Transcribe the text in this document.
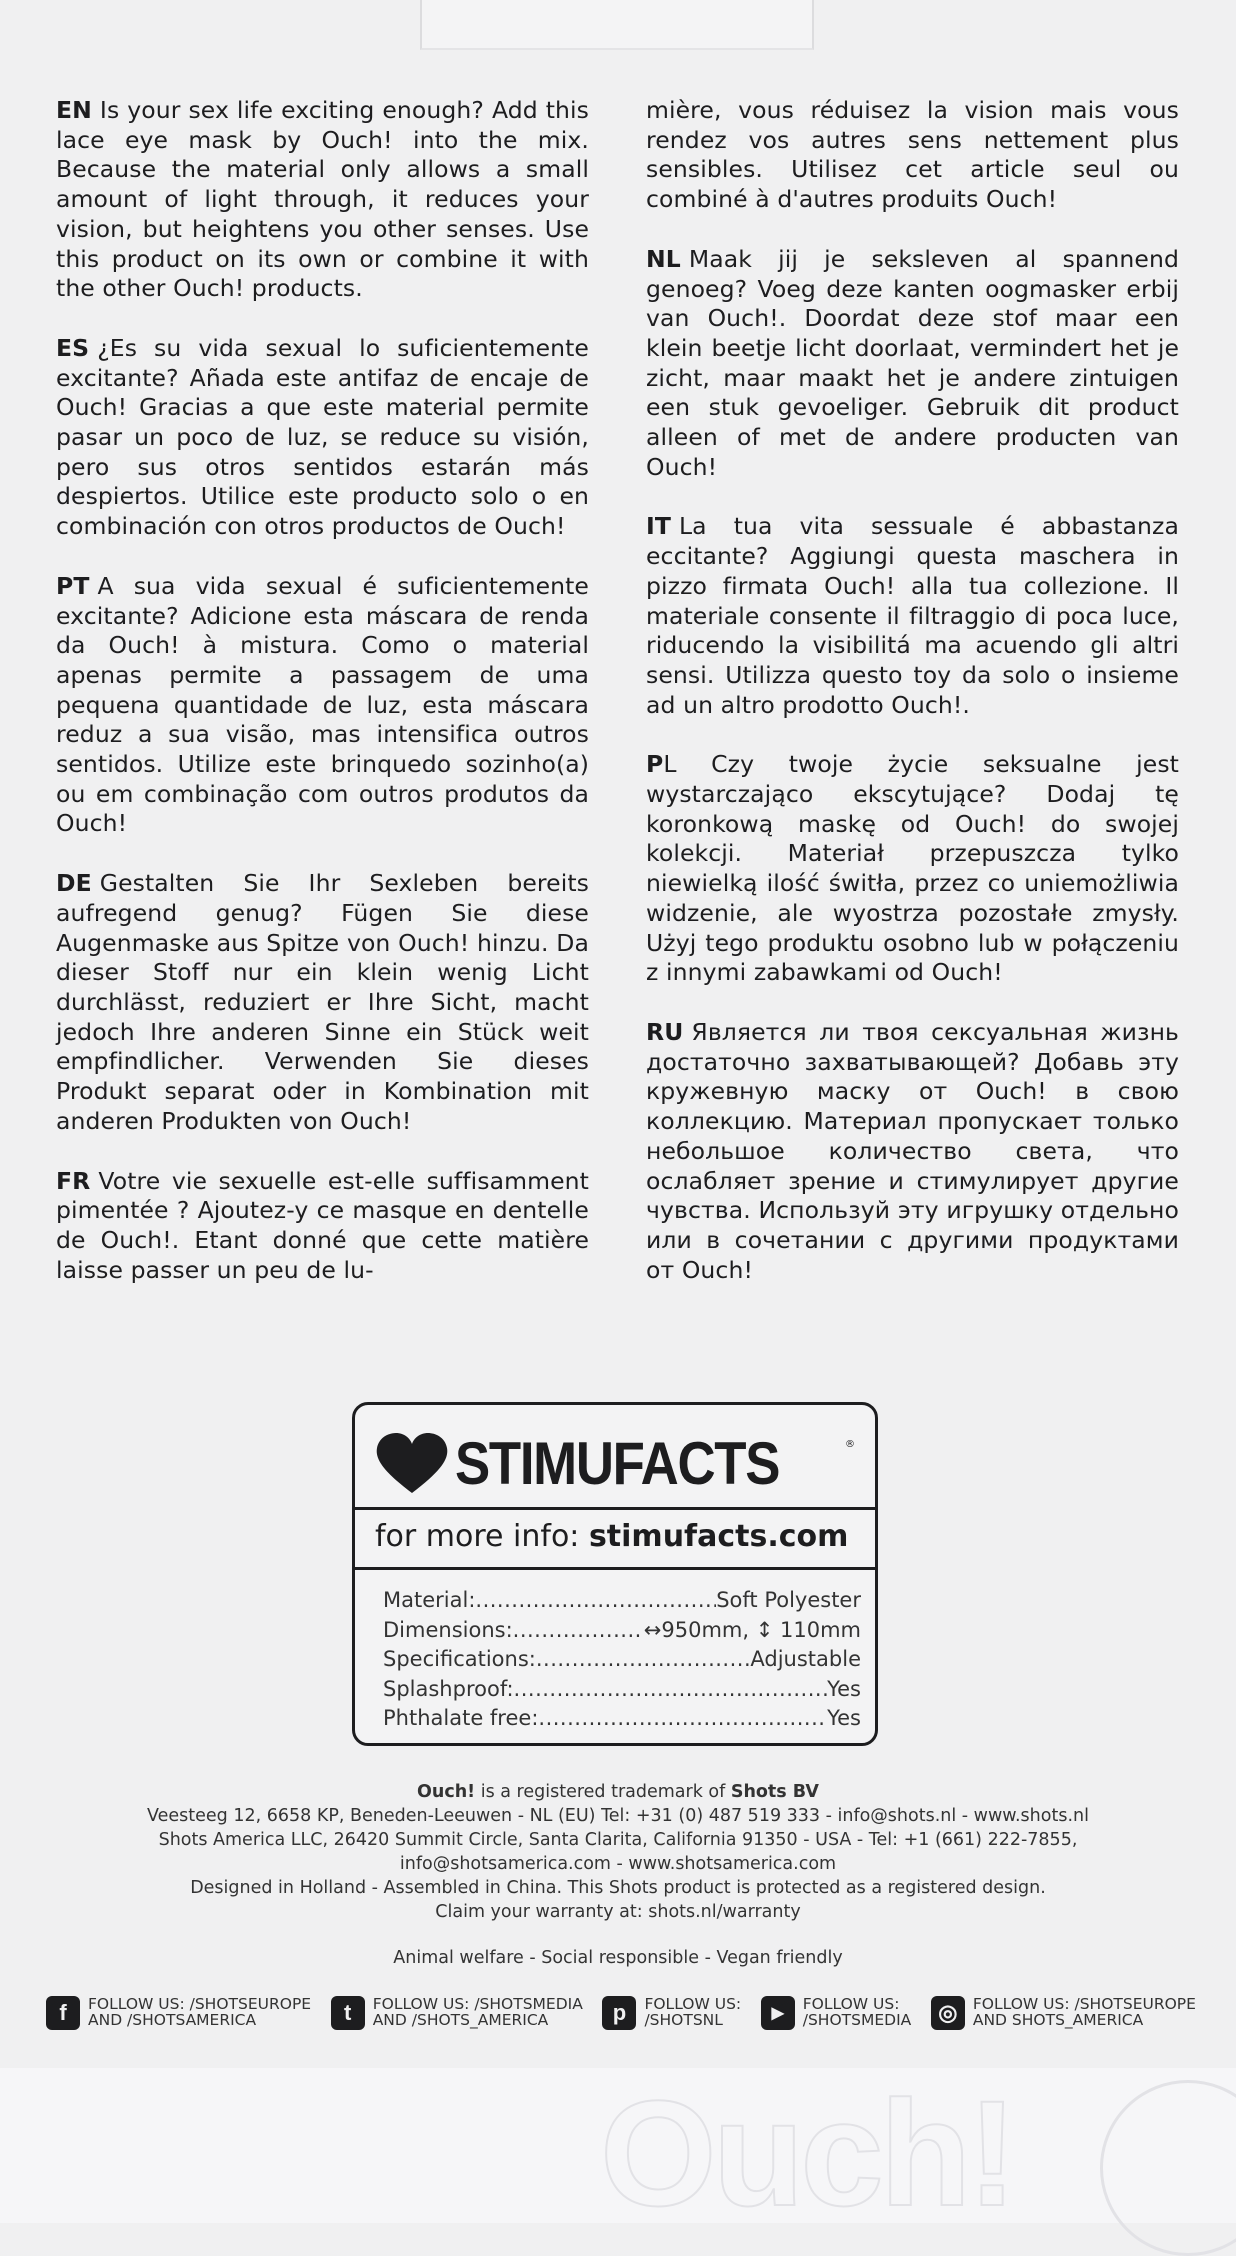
EN Is your sex life exciting enough? Add this lace eye mask by Ouch! into the mix. Because the material only allows a small amount of light through, it reduces your vision, but heightens you other senses. Use this product on its own or combine it with the other Ouch! products.

ES ¿Es su vida sexual lo suficientemente excitante? Añada este antifaz de encaje de Ouch! Gracias a que este material permite pasar un poco de luz, se reduce su visión, pero sus otros sentidos estarán más despiertos. Utilice este producto solo o en combinación con otros productos de Ouch!

PT A sua vida sexual é suficientemente excitante? Adicione esta máscara de renda da Ouch! à mistura. Como o material apenas permite a passagem de uma pequena quantidade de luz, esta máscara reduz a sua visão, mas intensifica outros sentidos. Utilize este brinquedo sozinho(a) ou em combinação com outros produtos da Ouch!

DE Gestalten Sie Ihr Sexleben bereits aufregend genug? Fügen Sie diese Augenmaske aus Spitze von Ouch! hinzu. Da dieser Stoff nur ein klein wenig Licht durchlässt, reduziert er Ihre Sicht, macht jedoch Ihre anderen Sinne ein Stück weit empfindlicher. Verwenden Sie dieses Produkt separat oder in Kombination mit anderen Produkten von Ouch!

FR Votre vie sexuelle est-elle suffisamment pimentée ? Ajoutez-y ce masque en dentelle de Ouch!. Etant donné que cette matière laisse passer un peu de lu-

mière, vous réduisez la vision mais vous rendez vos autres sens nettement plus sensibles. Utilisez cet article seul ou combiné à d'autres produits Ouch!

NL Maak jij je seksleven al spannend genoeg? Voeg deze kanten oogmasker erbij van Ouch!. Doordat deze stof maar een klein beetje licht doorlaat, vermindert het je zicht, maar maakt het je andere zintuigen een stuk gevoeliger. Gebruik dit product alleen of met de andere producten van Ouch!

IT La tua vita sessuale é abbastanza eccitante? Aggiungi questa maschera in pizzo firmata Ouch! alla tua collezione. Il materiale consente il filtraggio di poca luce, riducendo la visibilitá ma acuendo gli altri sensi. Utilizza questo toy da solo o insieme ad un altro prodotto Ouch!.

PL Czy twoje życie seksualne jest wystarczająco ekscytujące? Dodaj tę koronkową maskę od Ouch! do swojej kolekcji. Materiał przepuszcza tylko niewielką ilość świtła, przez co uniemożliwia widzenie, ale wyostrza pozostałe zmysły. Użyj tego produktu osobno lub w połączeniu z innymi zabawkami od Ouch!

RU Является ли твоя сексуальная жизнь достаточно захватывающей? Добавь эту кружевную маску от Ouch! в свою коллекцию. Материал пропускает только небольшое количество света, что ослабляет зрение и стимулирует другие чувства. Используй эту игрушку отдельно или в сочетании с другими продуктами от Ouch!

STIMUFACTS	®
for more info: stimufacts.com
Material: .....	Soft Polyester
Dimensions: .....	↔950mm, ↕ 110mm
Specifications: .....	Adjustable
Splashproof: .....	Yes
Phthalate free: .....	Yes
Ouch! is a registered trademark of Shots BV
Veesteeg 12, 6658 KP, Beneden-Leeuwen - NL (EU) Tel: +31 (0) 487 519 333 - info@shots.nl - www.shots.nl
Shots America LLC, 26420 Summit Circle, Santa Clarita, California 91350 - USA - Tel: +1 (661) 222-7855,
info@shotsamerica.com - www.shotsamerica.com
Designed in Holland - Assembled in China. This Shots product is protected as a registered design.
Claim your warranty at: shots.nl/warranty
Animal welfare - Social responsible - Vegan friendly
f	FOLLOW US: /SHOTSEUROPE
AND /SHOTSAMERICA	t	FOLLOW US: /SHOTSMEDIA
AND /SHOTS_AMERICA	p	FOLLOW US:
/SHOTSNL	▶
FOLLOW US:
/SHOTSMEDIA	◎ FOLLOW US: /SHOTSEUROPE
AND SHOTS_AMERICA
Ouch!
